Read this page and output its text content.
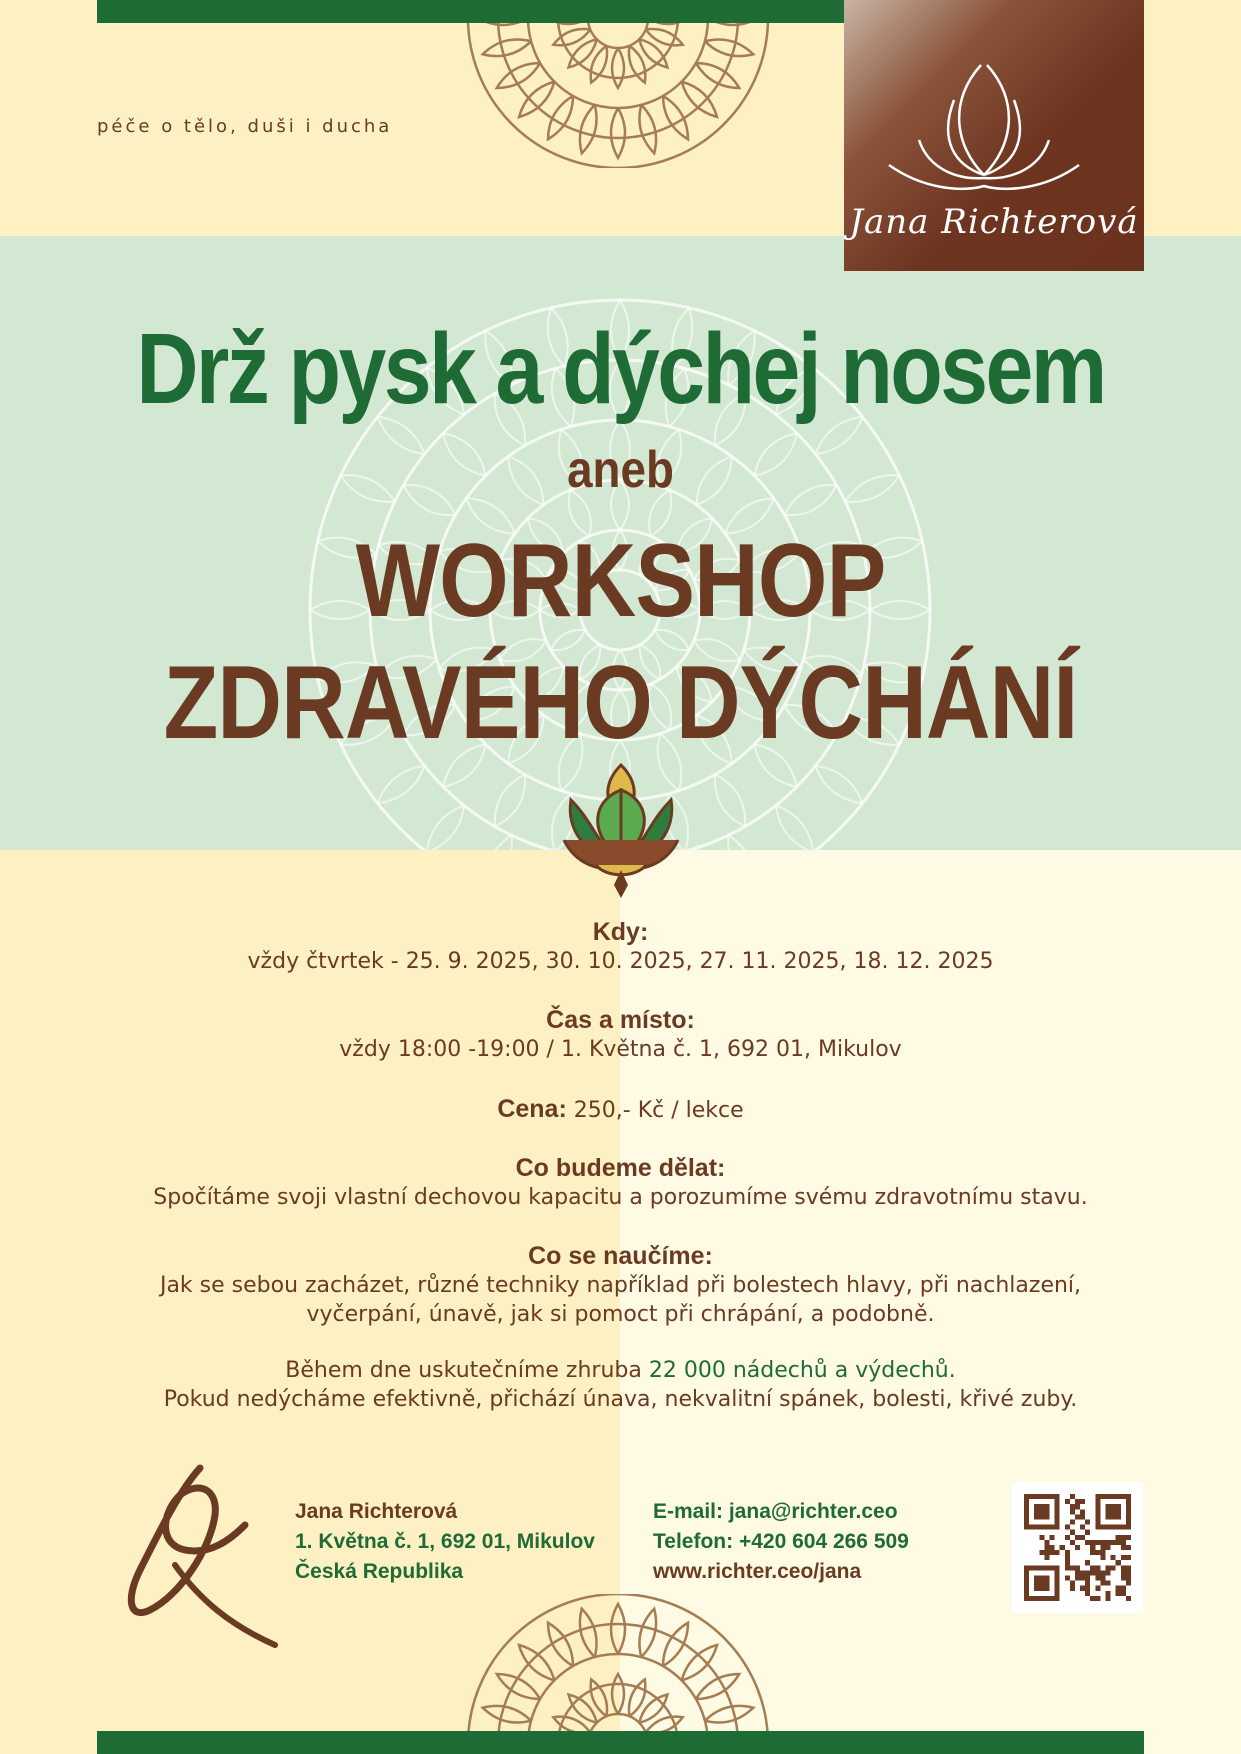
péče o tělo, duši i ducha
Jana Richterová
Drž pysk a dýchej nosem
aneb
WORKSHOP
ZDRAVÉHO DÝCHÁNÍ
Kdy:
vždy čtvrtek - 25. 9. 2025, 30. 10. 2025, 27. 11. 2025, 18. 12. 2025
Čas a místo:
vždy 18:00 -19:00 / 1. Května č. 1, 692 01, Mikulov
Cena: 250,- Kč / lekce
Co budeme dělat:
Spočítáme svoji vlastní dechovou kapacitu a porozumíme svému zdravotnímu stavu.
Co se naučíme:
Jak se sebou zacházet, různé techniky například při bolestech hlavy, při nachlazení,
vyčerpání, únavě, jak si pomoct při chrápání, a podobně.
Během dne uskutečníme zhruba 22 000 nádechů a výdechů.
Pokud nedýcháme efektivně, přichází únava, nekvalitní spánek, bolesti, křivé zuby.
Jana Richterová
1. Května č. 1, 692 01, Mikulov
Česká Republika
E-mail: jana@richter.ceo
Telefon: +420 604 266 509
www.richter.ceo/jana
